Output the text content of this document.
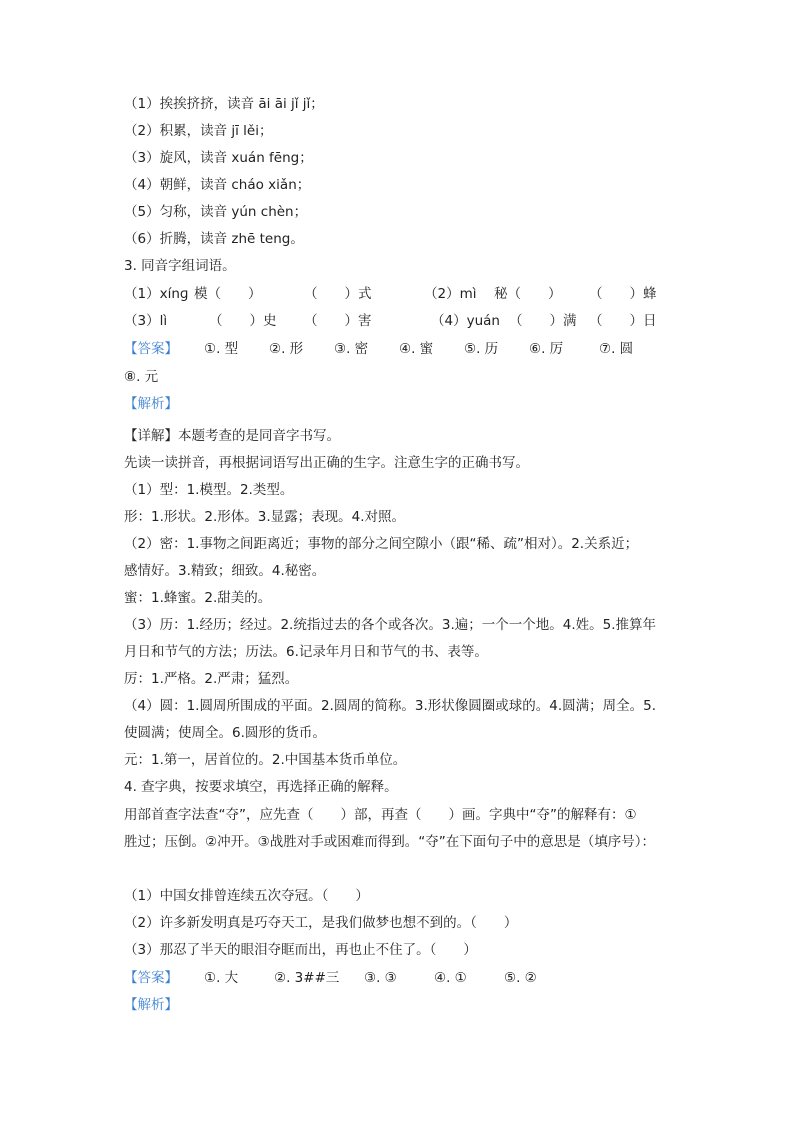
（1）挨挨挤挤，读音 āi āi jǐ jǐ；
（2）积累，读音 jī lěi；
（3）旋风，读音 xuán fēng；
（4）朝鲜，读音 cháo xiǎn；
（5）匀称，读音 yún chèn；
（6）折腾，读音 zhē teng。
3. 同音字组词语。
（1）xínɡ 模（　　）	（　　）式	（2）mì 秘（　　） （　　）蜂
（3）lì	（　　）史 （　　）害	（4）yuán （　　）满 （　　）日
【答案】 ①. 型 ②. 形 ③. 密 ④. 蜜 ⑤. 历 ⑥. 厉	⑦. 圆
⑧. 元
【解析】
【详解】本题考查的是同音字书写。
先读一读拼音，再根据词语写出正确的生字。注意生字的正确书写。
（1）型：1.模型。2.类型。
形：1.形状。2.形体。3.显露；表现。4.对照。
（2）密：1.事物之间距离近；事物的部分之间空隙小（跟“稀、疏”相对）。2.关系近；
感情好。3.精致；细致。4.秘密。
蜜：1.蜂蜜。2.甜美的。
（3）历：1.经历；经过。2.统指过去的各个或各次。3.遍；一个一个地。4.姓。5.推算年
月日和节气的方法；历法。6.记录年月日和节气的书、表等。
厉：1.严格。2.严肃；猛烈。
（4）圆：1.圆周所围成的平面。2.圆周的简称。3.形状像圆圈或球的。4.圆满；周全。5.
使圆满；使周全。6.圆形的货币。
元：1.第一，居首位的。2.中国基本货币单位。
4. 查字典，按要求填空，再选择正确的解释。
用部首查字法查“夺”，应先查（　　）部，再查（　　）画。字典中“夺”的解释有：①
胜过；压倒。②冲开。③战胜对手或困难而得到。“夺”在下面句子中的意思是（填序号）：
（1）中国女排曾连续五次夺冠。（　　）
（2）许多新发明真是巧夺天工，是我们做梦也想不到的。（　　）
（3）那忍了半天的眼泪夺眶而出，再也止不住了。（　　）
【答案】 ①. 大	②. 3##三 ③. ③	④. ①	⑤. ②
【解析】
